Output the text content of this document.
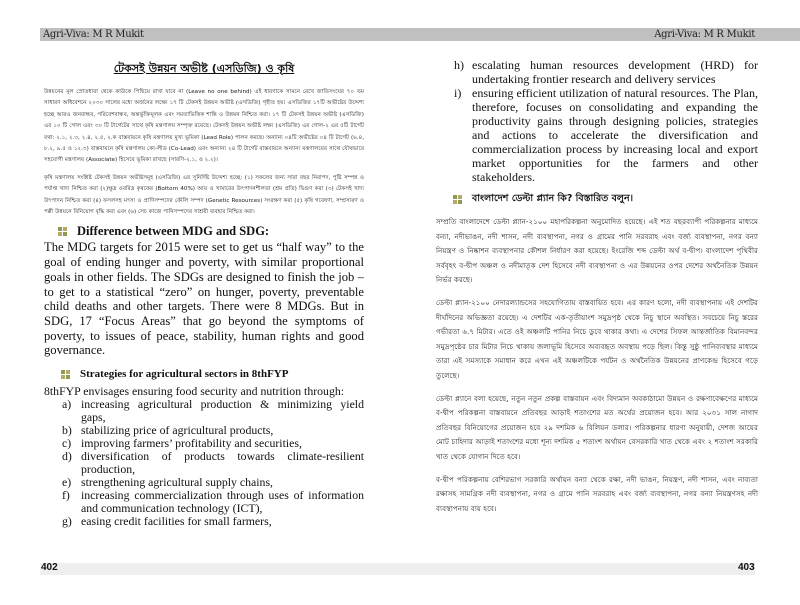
Agri-Viva: M R Mukit	Agri-Viva: M R Mukit
টেকসই উন্নয়ন অভীষ্ট (এসডিজি) ও কৃষি

উন্নয়নের মূল স্রোতধারা থেকে কাউকে পিছিয়ে রাখা যাবে না (Leave no one behind) এই ধারণাকে সামনে রেখে জাতিসংঘের ৭০ তম সাধারণ অধিবেশনে ২০৩০ সালের মধ্যে অর্জনের লক্ষ্যে ১৭ টি টেকসই উন্নয়ন অভীষ্ট (এসডিজি) গৃহীত হয়। এসডিজির ১৭টি অভীষ্টের উদ্দেশ্য হচ্ছে আরও জনবান্ধব, পরিবেশবান্ধব, অন্তর্ভুক্তিমূলক এবং সমতাভিত্তিক শান্তি ও উন্নয়ন নিশ্চিত করা। ১৭ টি টেকসই উন্নয়ন অভীষ্ট (এসডিজি) এর ১০ টি গোল এবং ৩০ টি টার্গেটের সাথে কৃষি মন্ত্রণালয় সম্পৃক্ত রয়েছে। টেকসই উন্নয়ন অভীষ্ট লক্ষ্য (এসডিজি) এর গোল-২ এর ৫টি টার্গেট যথা: ২.১, ২.৩, ২.৪, ২.৫, ২.ক বাস্তবায়নে কৃষি মন্ত্রণালয় মুখ্য ভূমিকা (Lead Role) পালন করছে। অন্যান্য ০৪টি অভীষ্টের ০৪ টি টার্গেট (৬.৪, ৮.২, ৯.৫ ও ১২.৩) বাস্তবায়নে কৃষি মন্ত্রণালয় কো-লীড (Co-Lead) এবং অন্যান্য ২৪ টি টার্গেট বাস্তবায়নে অন্যান্য মন্ত্রণালয়ের সাথে যৌথভাবে সহযোগী মন্ত্রণালয় (Associate) হিসেবে ভূমিকা রাখছে (সারণি-২.১, ও ২.২)।

কৃষি মন্ত্রণালয় সংশ্লিষ্ট টেকসই উন্নয়ন অভীষ্টসমূহ (এসডিজি) এর সুনির্দিষ্ট উদ্দেশ্য হচ্ছে: (১) সকলের জন্য সারা বছর নিরাপদ, পুষ্টি সম্পন্ন ও পর্যাপ্ত খাদ্য নিশ্চিত করা (২)ক্ষুদ্র ওবরিদ্র কৃষকের (Bottom 40%) আয় ও খামারের উৎপাদনশীলতা (শ্রম প্রতি) দ্বিগুণ করা (৩) টেকসই খাদ্য উৎপাদন নিশ্চিত করা (৪) ফসলসহ মৎস্য ও প্রাণিসম্পদের কৌলি সম্পদ (Genetic Resources) সংরক্ষণ করা (৫) কৃষি গবেষণা, সম্প্রসারণ ও পল্লী উন্নয়নে বিনিয়োগ বৃদ্ধি করা এবং (৬) সেচ কাজে পানিসম্পদের সাশ্রয়ী ব্যবহার নিশ্চিত করা।

Difference between MDG and SDG:

The MDG targets for 2015 were set to get us “half way” to the goal of ending hunger and poverty, with similar proportional goals in other fields. The SDGs are designed to finish the job –to get to a statistical “zero” on hunger, poverty, preventable child deaths and other targets. There were 8 MDGs. But in SDG, 17 “Focus Areas” that go beyond the symptoms of poverty, to issues of peace, stability, human rights and good governance.

Strategies for agricultural sectors in 8thFYP

8thFYP envisages ensuring food security and nutrition through:

a) increasing agricultural production & minimizing yield gaps,
b) stabilizing price of agricultural products,
c) improving farmers’ profitability and securities,
d) diversification of products towards climate-resilient production,
e) strengthening agricultural supply chains,
f) increasing commercialization through uses of information and communication technology (ICT),
g) easing credit facilities for small farmers,
h) escalating human resources development (HRD) for undertaking frontier research and delivery services
i) ensuring efficient utilization of natural resources. The Plan, therefore, focuses on consolidating and expanding the productivity gains through designing policies, strategies and actions to accelerate the diversification and commercialization process by increasing local and export market opportunities for the farmers and other stakeholders.
বাংলাদেশ ডেল্টা প্ল্যান কি? বিস্তারিত বলুন।

সম্প্রতি বাংলাদেশে ডেল্টা প্ল্যান-২১০০ মহাপরিকল্পনা অনুমোদিত হয়েছে। এই শত বছরব্যাপী পরিকল্পনার মাধ্যমে বন্যা, নদীভাঙন, নদী শাসন, নদী ব্যবস্থাপনা, নগর ও গ্রামের পানি সরবরাহ এবং বর্জ্য ব্যবস্থাপনা, নগর বন্যা নিয়ন্ত্রণ ও নিষ্কাশন ব্যবস্থাপনার কৌশল নির্ধারণ করা হয়েছে। ইংরেজি শব্দ ডেল্টা অর্থ ব-দ্বীপ। বাংলাদেশ পৃথিবীর সর্ববৃহৎ ব-দ্বীপ অঞ্চল ও নদীমাতৃক দেশ হিসেবে নদী ব্যবস্থাপনা ও এর উন্নয়নের ওপর দেশের অর্থনৈতিক উন্নয়ন নির্ভর করছে।

ডেল্টা প্ল্যান-২১০০ নেদারল্যান্ডসের সহযোগিতায় বাস্তবায়িত হবে। এর কারণ হলো, নদী ব্যবস্থাপনায় এই দেশটির দীর্ঘদিনের অভিজ্ঞতা রয়েছে। এ দেশটির এক-তৃতীয়াংশ সমুদ্রপৃষ্ঠ থেকে নিচু স্থানে অবস্থিত। সবচেয়ে নিচু স্তরের গভীরতা ৬.৭ মিটার। এতে ওই অঞ্চলটি পানির নিচে ডুবে থাকার কথা। এ দেশের সিফল আন্তর্জাতিক বিমানবন্দর সমুদ্রপৃষ্ঠের চার মিটার নিচে থাকায় জলাভূমি হিসেবে অব্যবহৃত অবস্থায় পড়ে ছিল। কিন্তু সুষ্ঠু পানিব্যবস্থার মাধ্যমে তারা এই সমস্যাকে সমাধান করে এখন এই অঞ্চলটিকে পর্যটন ও অর্থনৈতিক উন্নয়নের প্রাণকেন্দ্র হিসেবে গড়ে তুলেছে।

ডেল্টা প্ল্যানে বলা হয়েছে, নতুন নতুন প্রকল্প বাস্তবায়ন এবং বিদ্যমান অবকাঠামো উন্নয়ন ও রক্ষণাবেক্ষণের মাধ্যমে ব-দ্বীপ পরিকল্পনা বাস্তবায়নে প্রতিবছর আড়াই শতাংশের মত অর্থের প্রয়োজন হবে। আর ২০৩১ সাল নাগাদ প্রতিবছর বিনিয়োগের প্রয়োজন হবে ২৯ দশমিক ৬ বিলিয়ন ডলার। পরিকল্পনার ধারণা অনুযায়ী, দেশজ আয়ের মোট চাহিদার আড়াই শতাংশের মধ্যে শূন্য দশমিক ৫ শতাংশ অর্থায়ন বেসরকারি খাত থেকে এবং ২ শতাংশ সরকারি খাত থেকে যোগান দিতে হবে।

ব-দ্বীপ পরিকল্পনায় বেশিরভাগ সরকারি অর্থায়ন বন্যা থেকে রক্ষা, নদী ভাঙন, নিয়ন্ত্রণ, নদী শাসন, এবং নাব্যতা রক্ষাসহ সামগ্রিক নদী ব্যবস্থাপনা, নগর ও গ্রামে পানি সরবরাহ এবং বর্জ্য ব্যবস্থাপনা, নগর বন্যা নিয়ন্ত্রণসহ নদী ব্যবস্থাপনায় ব্যয় হবে।

402	403
